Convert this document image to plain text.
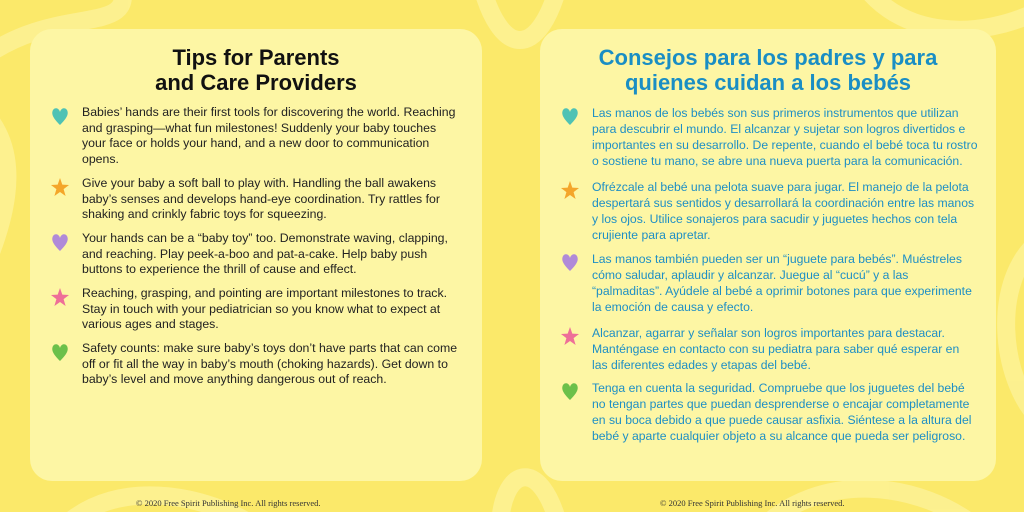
Tips for Parents
and Care Providers

Babies’ hands are their first tools for discovering the world. Reaching and grasping—what fun milestones! Suddenly your baby touches your face or holds your hand, and a new door to communication opens.

Give your baby a soft ball to play with. Handling the ball awakens baby’s senses and develops hand-eye coordination. Try rattles for shaking and crinkly fabric toys for squeezing.

Your hands can be a “baby toy” too. Demonstrate waving, clapping, and reaching. Play peek-a-boo and pat-a-cake. Help baby push buttons to experience the thrill of cause and effect.

Reaching, grasping, and pointing are important milestones to track. Stay in touch with your pediatrician so you know what to expect at various ages and stages.

Safety counts: make sure baby’s toys don’t have parts that can come off or fit all the way in baby’s mouth (choking hazards). Get down to baby’s level and move anything dangerous out of reach.

Consejos para los padres y para
quienes cuidan a los bebés

Las manos de los bebés son sus primeros instrumentos que utilizan para descubrir el mundo. El alcanzar y sujetar son logros divertidos e importantes en su desarrollo. De repente, cuando el bebé toca tu rostro o sostiene tu mano, se abre una nueva puerta para la comunicación.

Ofrézcale al bebé una pelota suave para jugar. El manejo de la pelota despertará sus sentidos y desarrollará la coordinación entre las manos y los ojos. Utilice sonajeros para sacudir y juguetes hechos con tela crujiente para apretar.

Las manos también pueden ser un “juguete para bebés”. Muéstreles cómo saludar, aplaudir y alcanzar. Juegue al “cucú” y a las “palmaditas”. Ayúdele al bebé a oprimir botones para que experimente la emoción de causa y efecto.

Alcanzar, agarrar y señalar son logros importantes para destacar. Manténgase en contacto con su pediatra para saber qué esperar en las diferentes edades y etapas del bebé.

Tenga en cuenta la seguridad. Compruebe que los juguetes del bebé no tengan partes que puedan desprenderse o encajar completamente en su boca debido a que puede causar asfixia. Siéntese a la altura del bebé y aparte cualquier objeto a su alcance que pueda ser peligroso.

© 2020 Free Spirit Publishing Inc. All rights reserved.	© 2020 Free Spirit Publishing Inc. All rights reserved.
